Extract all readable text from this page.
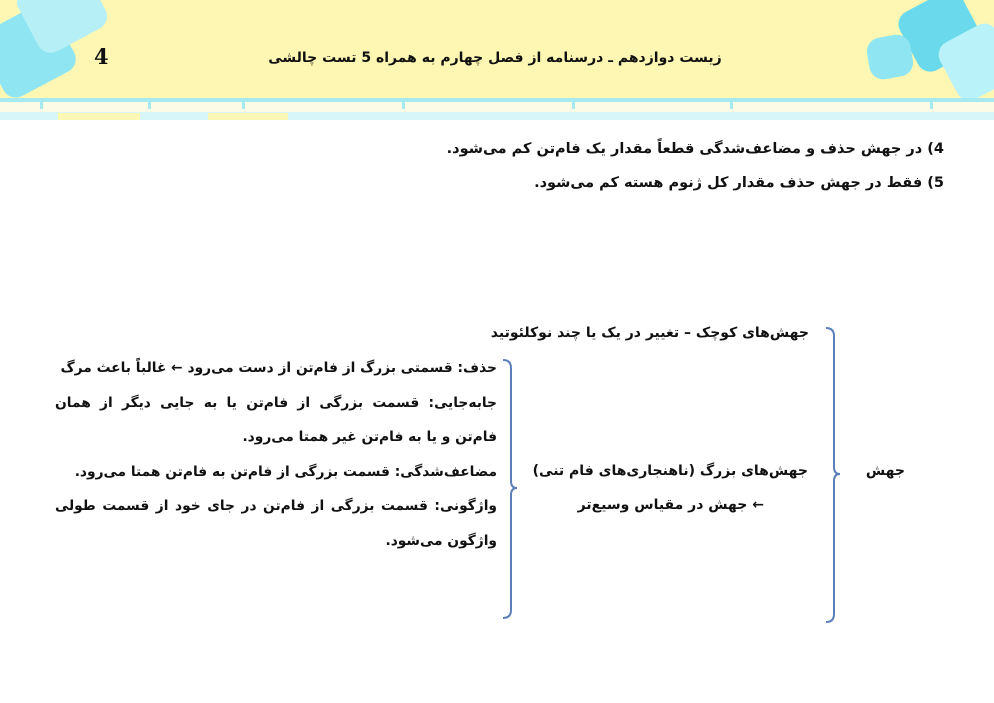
4	زیست دوازدهم ـ درسنامه از فصل چهارم به همراه 5 تست چالشی
4) در جهش حذف و مضاعف‌شدگی قطعاً مقدار یک فام‌تن کم می‌شود.
5) فقط در جهش حذف مقدار کل ژنوم هسته کم می‌شود.
جهش
جهش‌های کوچک – تغییر در یک یا چند نوکلئوتید
جهش‌های بزرگ (ناهنجاری‌های فام تنی)
← جهش در مقیاس وسیع‌تر

حذف: قسمتی بزرگ از فام‌تن از دست می‌رود ← غالباً باعث مرگ

جابه‌جایی: قسمت بزرگی از فام‌تن یا به جایی دیگر از همان فام‌تن و یا به فام‌تن غیر همتا می‌رود.

مضاعف‌شدگی: قسمت بزرگی از فام‌تن به فام‌تن همتا می‌رود.

واژگونی: قسمت بزرگی از فام‌تن در جای خود از قسمت طولی واژگون می‌شود.
